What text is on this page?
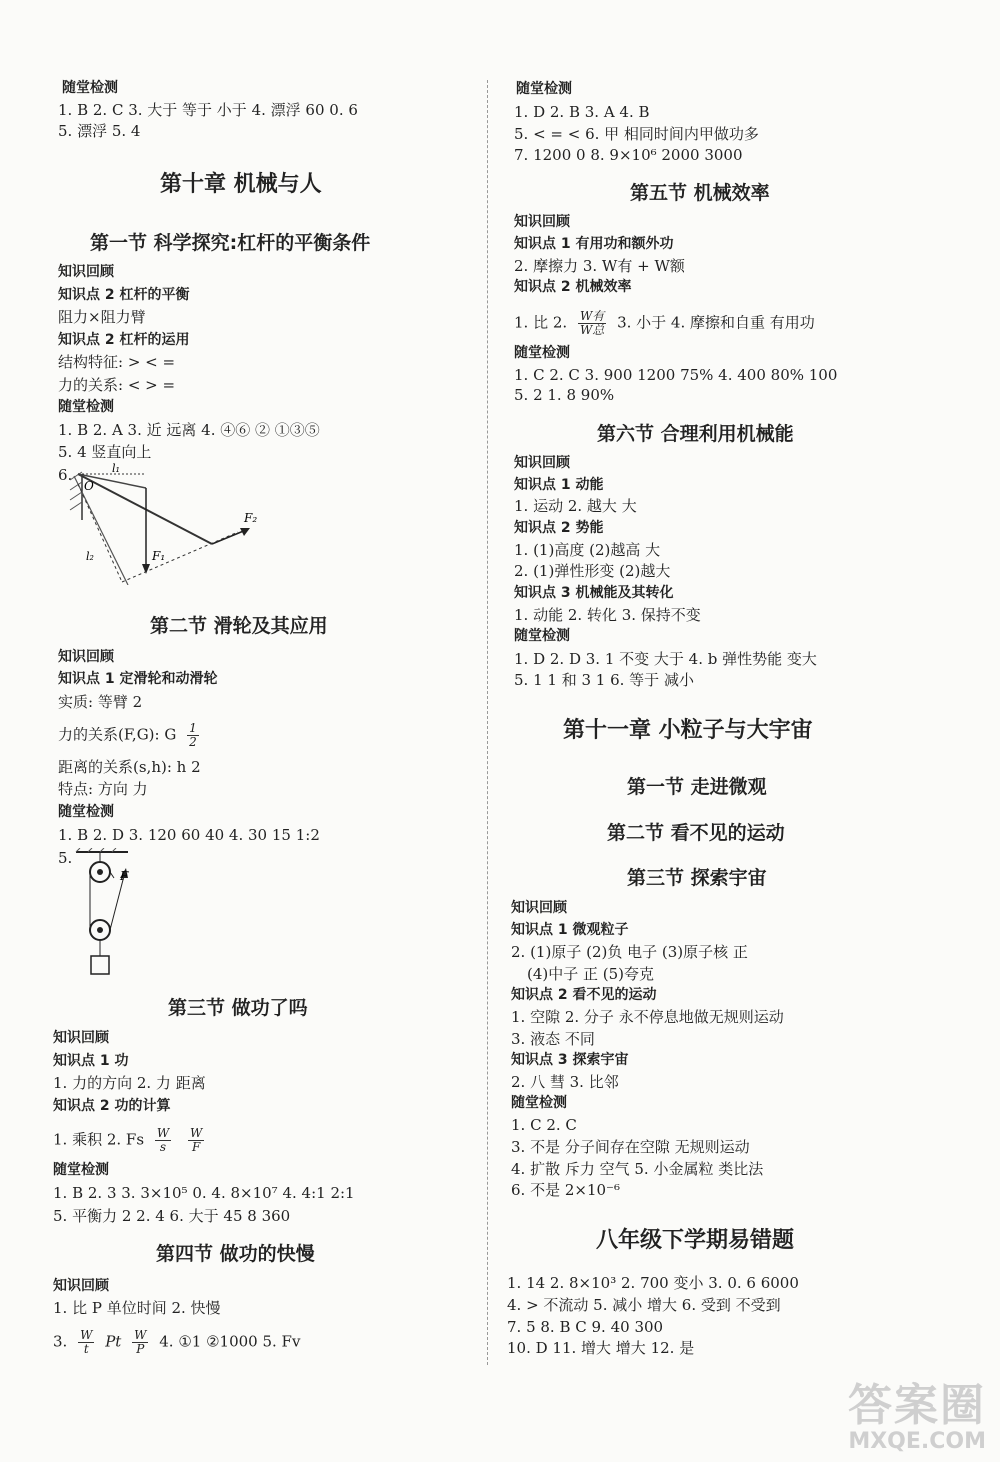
随堂检测
1. B 2. C 3. 大于 等于 小于 4. 漂浮 60 0. 6
5. 漂浮 5. 4
第十章 机械与人
第一节 科学探究:杠杆的平衡条件
知识回顾
知识点 2 杠杆的平衡
阻力×阻力臂
知识点 2 杠杆的运用
结构特征: > < =
力的关系: < > =
随堂检测
1. B 2. A 3. 近 远离 4. ④⑥ ② ①③⑤
5. 4 竖直向上
6.
O
l₁
F₁
F₂
l₂
第二节 滑轮及其应用
知识回顾
知识点 1 定滑轮和动滑轮
实质: 等臂 2
力的关系(F,G): G $\frac{1}{2}$
距离的关系(s,h): h 2
特点: 方向 力
随堂检测
1. B 2. D 3. 120 60 40 4. 30 15 1:2
5.
F
第三节 做功了吗
知识回顾
知识点 1 功
1. 力的方向 2. 力 距离
知识点 2 功的计算
1. 乘积 2. Fs $\frac{W}{s}$
$\frac{W}{F}$
随堂检测
1. B 2. 3 3. 3×10⁵ 0. 4. 8×10⁷ 4. 4:1 2:1
5. 平衡力 2 2. 4 6. 大于 45 8 360
第四节 做功的快慢
知识回顾
1. 比 P 单位时间 2. 快慢
3. $\frac{W}{t}$ Pt $\frac{W}{P} 4$. ①1 ②1000 5. Fv
随堂检测
1. D 2. B 3. A 4. B
5. < = < 6. 甲 相同时间内甲做功多
7. 1200 0 8. 9×10⁶ 2000 3000
第五节 机械效率
知识回顾
知识点 1 有用功和额外功
2. 摩擦力 3. W有 + W额
知识点 2 机械效率
1. 比 2. $\frac{\text{W有}}{\text{W总}} 3$. 小于 4. 摩擦和自重 有用功
随堂检测
1. C 2. C 3. 900 1200 75% 4. 400 80% 100
5. 2 1. 8 90%
第六节 合理利用机械能
知识回顾
知识点 1 动能
1. 运动 2. 越大 大
知识点 2 势能
1. (1)高度 (2)越高 大
2. (1)弹性形变 (2)越大
知识点 3 机械能及其转化
1. 动能 2. 转化 3. 保持不变
随堂检测
1. D 2. D 3. 1 不变 大于 4. b 弹性势能 变大
5. 1 1 和 3 1 6. 等于 减小
第十一章 小粒子与大宇宙
第一节 走进微观
第二节 看不见的运动
第三节 探索宇宙
知识回顾
知识点 1 微观粒子
2. (1)原子 (2)负 电子 (3)原子核 正
(4)中子 正 (5)夸克
知识点 2 看不见的运动
1. 空隙 2. 分子 永不停息地做无规则运动
3. 液态 不同
知识点 3 探索宇宙
2. 八 彗 3. 比邻
随堂检测
1. C 2. C
3. 不是 分子间存在空隙 无规则运动
4. 扩散 斥力 空气 5. 小金属粒 类比法
6. 不是 2×10⁻⁶
八年级下学期易错题
1. 14 2. 8×10³ 2. 700 变小 3. 0. 6 6000
4. > 不流动 5. 减小 增大 6. 受到 不受到
7. 5 8. B C 9. 40 300
10. D 11. 增大 增大 12. 是
答案圈
MXQE.COM
